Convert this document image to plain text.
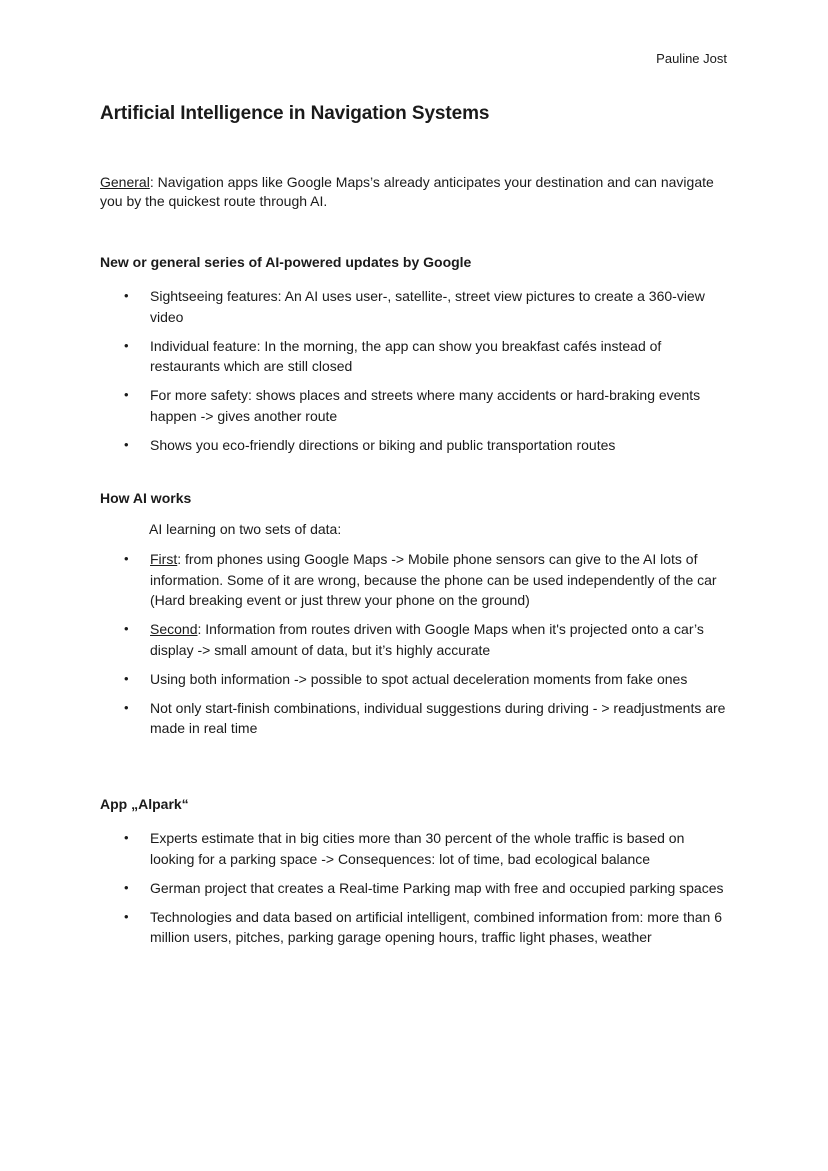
Pauline Jost
Artificial Intelligence in Navigation Systems
General: Navigation apps like Google Maps’s already anticipates your destination and can navigate you by the quickest route through AI.
New or general series of AI-powered updates by Google
• Sightseeing features: An AI uses user-, satellite-, street view pictures to create a 360-view video
• Individual feature: In the morning, the app can show you breakfast cafés instead of restaurants which are still closed
• For more safety: shows places and streets where many accidents or hard-braking events happen -> gives another route
• Shows you eco-friendly directions or biking and public transportation routes
How AI works
AI learning on two sets of data:
• First: from phones using Google Maps -> Mobile phone sensors can give to the AI lots of information. Some of it are wrong, because the phone can be used independently of the car (Hard breaking event or just threw your phone on the ground)
• Second: Information from routes driven with Google Maps when it's projected onto a car’s display -> small amount of data, but it’s highly accurate
• Using both information -> possible to spot actual deceleration moments from fake ones
• Not only start-finish combinations, individual suggestions during driving - > readjustments are made in real time
App „Alpark“
• Experts estimate that in big cities more than 30 percent of the whole traffic is based on looking for a parking space -> Consequences: lot of time, bad ecological balance
• German project that creates a Real-time Parking map with free and occupied parking spaces
• Technologies and data based on artificial intelligent, combined information from: more than 6 million users, pitches, parking garage opening hours, traffic light phases, weather
